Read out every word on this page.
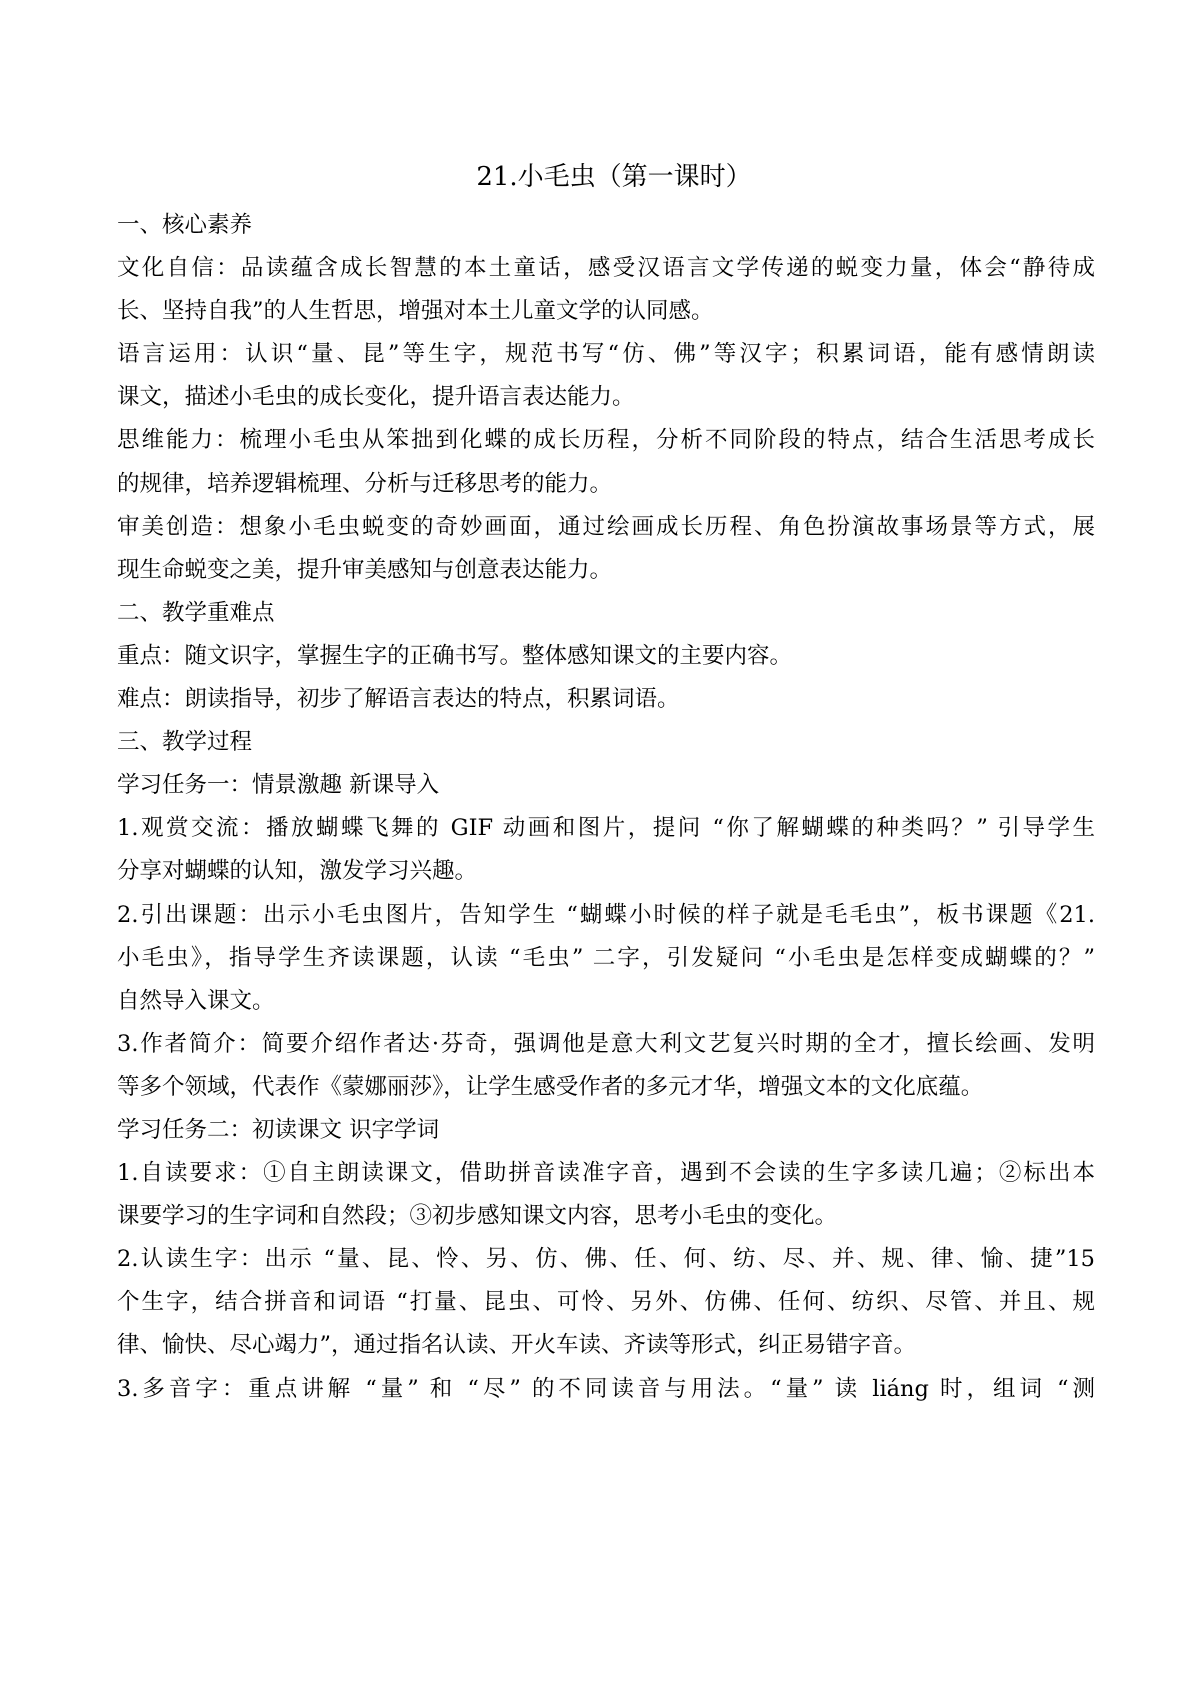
21.小毛虫（第一课时）
一、核心素养
文化自信：品读蕴含成长智慧的本土童话，感受汉语言文学传递的蜕变力量，体会“静待成
长、坚持自我”的人生哲思，增强对本土儿童文学的认同感。
语言运用：认识“量、昆”等生字，规范书写“仿、佛”等汉字；积累词语，能有感情朗读
课文，描述小毛虫的成长变化，提升语言表达能力。
思维能力：梳理小毛虫从笨拙到化蝶的成长历程，分析不同阶段的特点，结合生活思考成长
的规律，培养逻辑梳理、分析与迁移思考的能力。
审美创造：想象小毛虫蜕变的奇妙画面，通过绘画成长历程、角色扮演故事场景等方式，展
现生命蜕变之美，提升审美感知与创意表达能力。
二、教学重难点
重点：随文识字，掌握生字的正确书写。整体感知课文的主要内容。
难点：朗读指导，初步了解语言表达的特点，积累词语。
三、教学过程
学习任务一：情景激趣 新课导入
1.观赏交流：播放蝴蝶飞舞的 GIF 动画和图片，提问 “你了解蝴蝶的种类吗？” 引导学生
分享对蝴蝶的认知，激发学习兴趣。
2.引出课题：出示小毛虫图片，告知学生 “蝴蝶小时候的样子就是毛毛虫”，板书课题《21.
小毛虫》，指导学生齐读课题，认读 “毛虫” 二字，引发疑问 “小毛虫是怎样变成蝴蝶的？”
自然导入课文。
3.作者简介：简要介绍作者达·芬奇，强调他是意大利文艺复兴时期的全才，擅长绘画、发明
等多个领域，代表作《蒙娜丽莎》，让学生感受作者的多元才华，增强文本的文化底蕴。
学习任务二：初读课文 识字学词
1.自读要求：①自主朗读课文，借助拼音读准字音，遇到不会读的生字多读几遍；②标出本
课要学习的生字词和自然段；③初步感知课文内容，思考小毛虫的变化。
2.认读生字：出示 “量、昆、怜、另、仿、佛、任、何、纺、尽、并、规、律、愉、捷”15
个生字，结合拼音和词语 “打量、昆虫、可怜、另外、仿佛、任何、纺织、尽管、并且、规
律、愉快、尽心竭力”，通过指名认读、开火车读、齐读等形式，纠正易错字音。
3.多音字：重点讲解 “量” 和 “尽” 的不同读音与用法。“量” 读 liáng 时，组词 “测
